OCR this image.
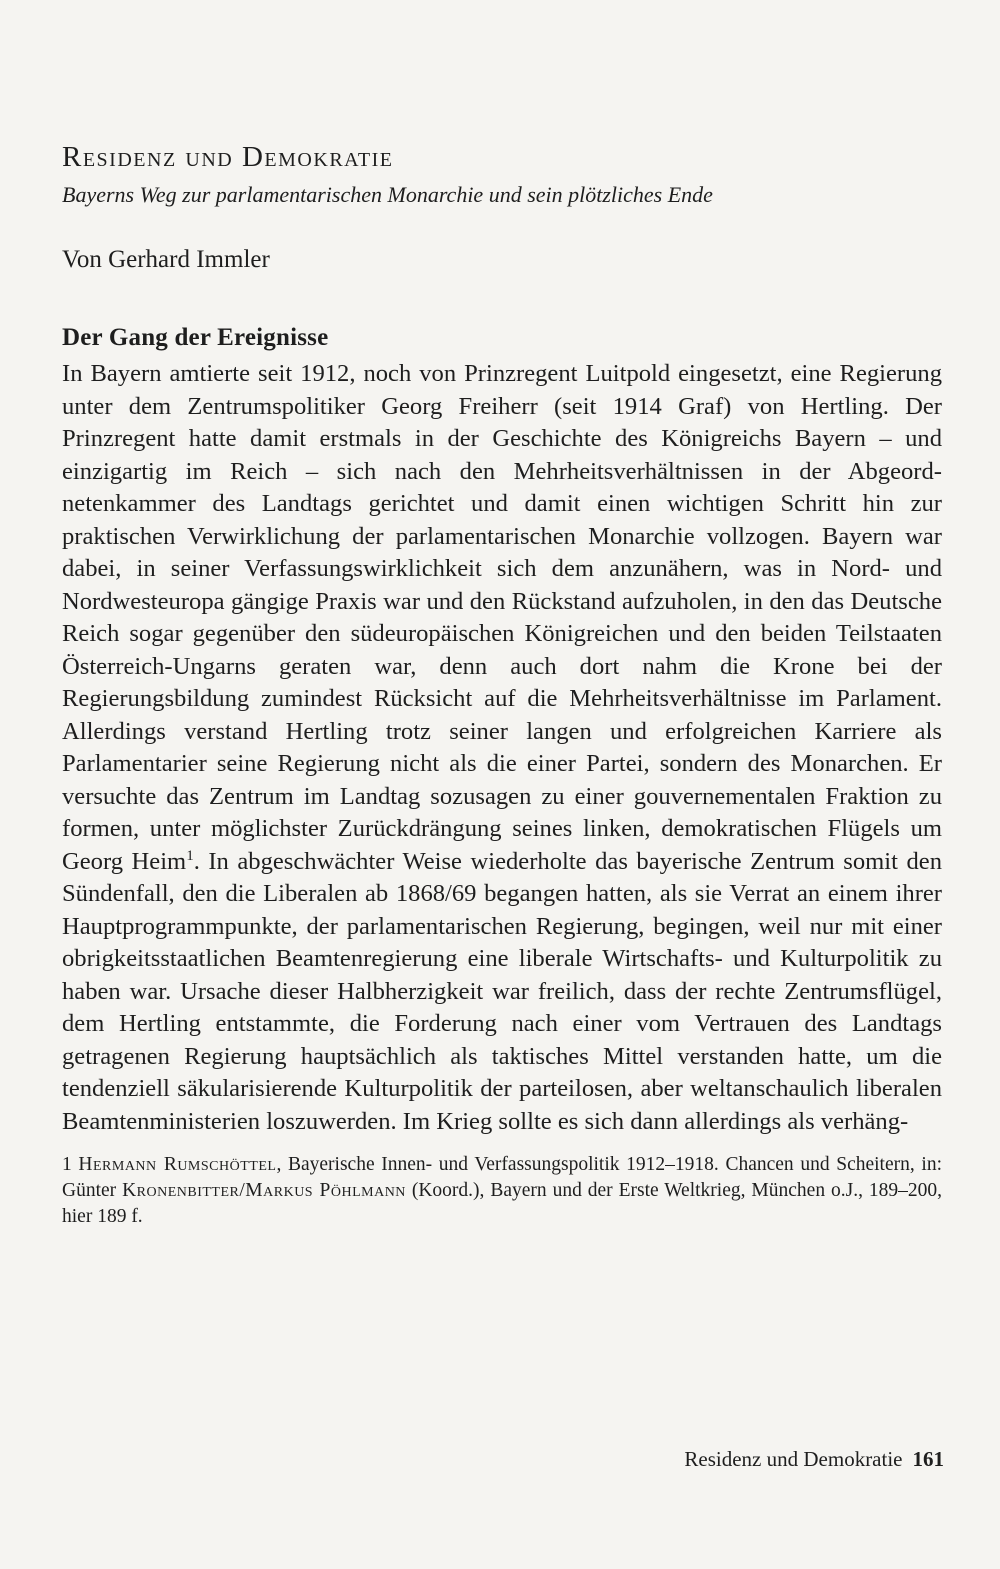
Residenz und Demokratie

Bayerns Weg zur parlamentarischen Monarchie und sein plötzliches Ende

Von Gerhard Immler

Der Gang der Ereignisse

In Bayern amtierte seit 1912, noch von Prinzregent Luitpold eingesetzt, eine Regierung unter dem Zentrumspolitiker Georg Freiherr (seit 1914 Graf) von Hertling. Der Prinzregent hatte damit erstmals in der Geschichte des Königreichs Bayern – und einzigartig im Reich – sich nach den Mehrheitsverhältnissen in der Abgeordnetenkammer des Landtags gerichtet und damit einen wichtigen Schritt hin zur praktischen Verwirklichung der parlamentarischen Monarchie vollzogen. Bayern war dabei, in seiner Verfassungswirklichkeit sich dem anzunähern, was in Nord- und Nordwesteuropa gängige Praxis war und den Rückstand aufzuholen, in den das Deutsche Reich sogar gegenüber den südeuropäischen Königreichen und den beiden Teilstaaten Österreich-Ungarns geraten war, denn auch dort nahm die Krone bei der Regierungsbildung zumindest Rücksicht auf die Mehrheitsverhältnisse im Parlament. Allerdings verstand Hertling trotz seiner langen und erfolgreichen Karriere als Parlamentarier seine Regierung nicht als die einer Partei, sondern des Monarchen. Er versuchte das Zentrum im Landtag sozusagen zu einer gouvernementalen Fraktion zu formen, unter möglichster Zurückdrängung seines linken, demokratischen Flügels um Georg Heim$^1$. In abgeschwächter Weise wiederholte das bayerische Zentrum somit den Sündenfall, den die Liberalen ab 1868/69 begangen hatten, als sie Verrat an einem ihrer Hauptprogrammpunkte, der parlamentarischen Regierung, begingen, weil nur mit einer obrigkeitsstaatlichen Beamtenregierung eine liberale Wirtschafts- und Kulturpolitik zu haben war. Ursache dieser Halbherzigkeit war freilich, dass der rechte Zentrumsflügel, dem Hertling entstammte, die Forderung nach einer vom Vertrauen des Landtags getragenen Regierung hauptsächlich als taktisches Mittel verstanden hatte, um die tendenziell säkularisierende Kulturpolitik der parteilosen, aber weltanschaulich liberalen Beamtenministerien loszuwerden. Im Krieg sollte es sich dann allerdings als verhäng-

1 Hermann Rumschöttel, Bayerische Innen- und Verfassungspolitik 1912–1918. Chancen und Scheitern, in: Günter Kronenbitter/Markus Pöhlmann (Koord.), Bayern und der Erste Weltkrieg, München o.J., 189–200, hier 189 f.

Residenz und Demokratie 161
